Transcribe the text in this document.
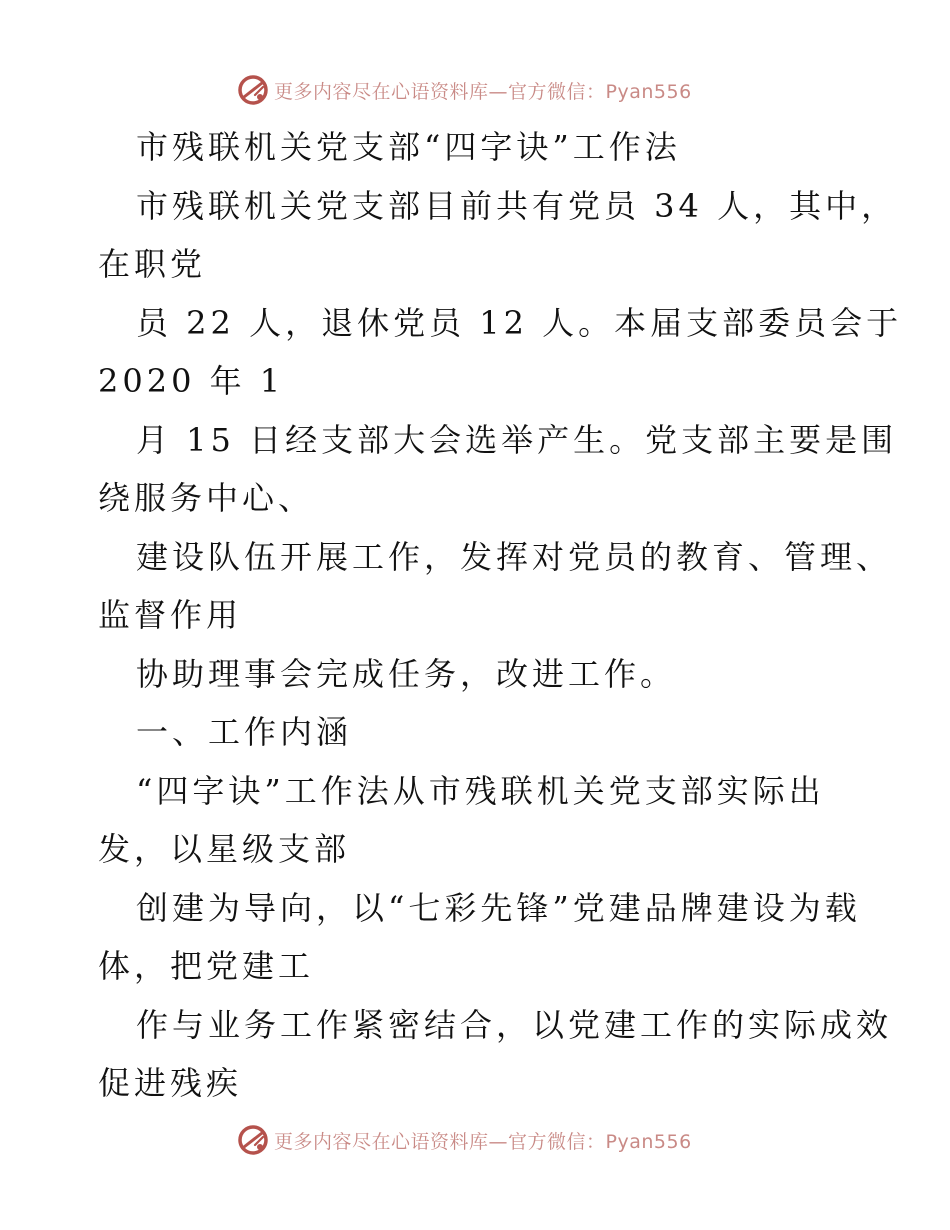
更多内容尽在心语资料库—官方微信：Pyan556
市残联机关党支部“四字诀”工作法
市残联机关党支部目前共有党员 34 人，其中，
在职党
员 22 人，退休党员 12 人。本届支部委员会于
2020 年 1
月 15 日经支部大会选举产生。党支部主要是围
绕服务中心、
建设队伍开展工作，发挥对党员的教育、管理、
监督作用
协助理事会完成任务，改进工作。
一、工作内涵
“四字诀”工作法从市残联机关党支部实际出
发，以星级支部
创建为导向，以“七彩先锋”党建品牌建设为载
体，把党建工
作与业务工作紧密结合，以党建工作的实际成效
促进残疾
更多内容尽在心语资料库—官方微信：Pyan556
